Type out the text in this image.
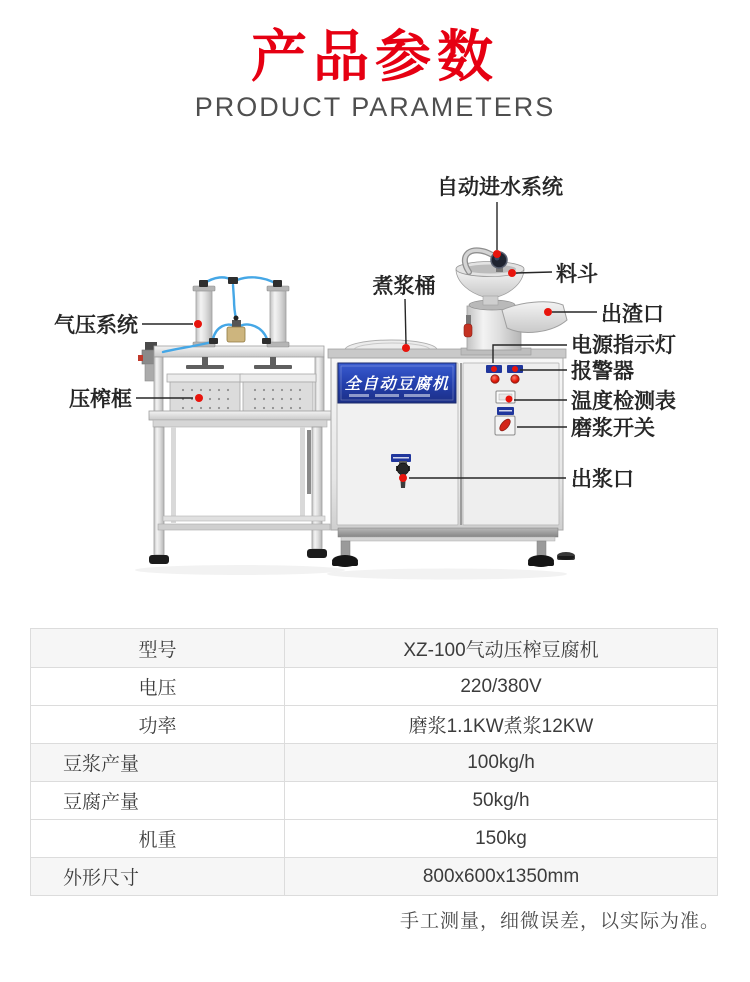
产品参数
PRODUCT PARAMETERS
全自动豆腐机
自动进水系统
煮浆桶
料斗
出渣口
电源指示灯
报警器
温度检测表
磨浆开关
出浆口
气压系统
压榨框
型号	XZ-100气动压榨豆腐机
电压	220/380V
功率	磨浆1.1KW煮浆12KW
豆浆产量	100kg/h
豆腐产量	50kg/h
机重	150kg
外形尺寸	800x600x1350mm
手工测量，细微误差，以实际为准。
